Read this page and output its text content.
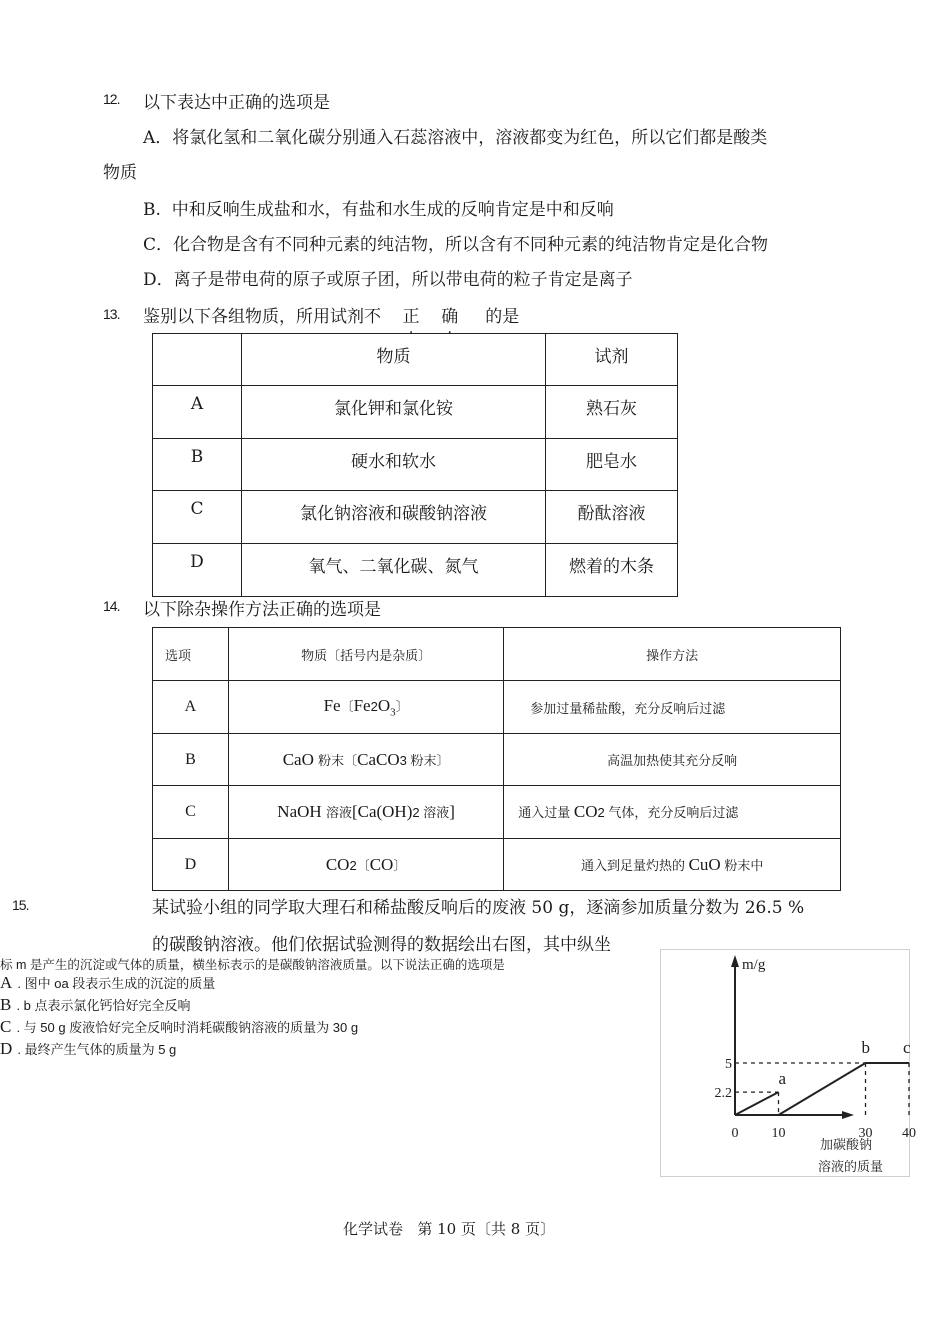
12. 以下表达中正确的选项是
A．将氯化氢和二氧化碳分别通入石蕊溶液中，溶液都变为红色，所以它们都是酸类
物质
B. 中和反响生成盐和水，有盐和水生成的反响肯定是中和反响
C．化合物是含有不同种元素的纯洁物，所以含有不同种元素的纯洁物肯定是化合物
D．离子是带电荷的原子或原子团，所以带电荷的粒子肯定是离子
13. 鉴别以下各组物质，所用试剂不 正 确 的是
	物质	试剂
A	氯化钾和氯化铵	熟石灰
B	硬水和软水	肥皂水
C	氯化钠溶液和碳酸钠溶液	酚酞溶液
D	氧气、二氧化碳、氮气	燃着的木条
14. 以下除杂操作方法正确的选项是
选项	物质〔括号内是杂质〕	操作方法
A	Fe〔$Fe2O_3$〕	参加过量稀盐酸，充分反响后过滤
B	CaO 粉末〔CaCO3 粉末〕	高温加热使其充分反响
C	NaOH 溶液[Ca(OH)2 溶液]	通入过量 CO2 气体，充分反响后过滤
D	CO2〔CO〕	通入到足量灼热的 CuO 粉末中
15.	某试验小组的同学取大理石和稀盐酸反响后的废液 50 g，逐滴参加质量分数为 26.5 %
的碳酸钠溶液。他们依据试验测得的数据绘出右图，其中纵坐
标 m 是产生的沉淀或气体的质量，横坐标表示的是碳酸钠溶液质量。以下说法正确的选项是
A . 图中 oa 段表示生成的沉淀的质量
B . b 点表示氯化钙恰好完全反响
C . 与 50 g 废液恰好完全反响时消耗碳酸钠溶液的质量为 30 g
D . 最终产生气体的质量为 5 g
m/g
加碳酸钠
溶液的质量
0 10	30 40
2.2
5
a
b c
化学试卷 第 10 页〔共 8 页〕
